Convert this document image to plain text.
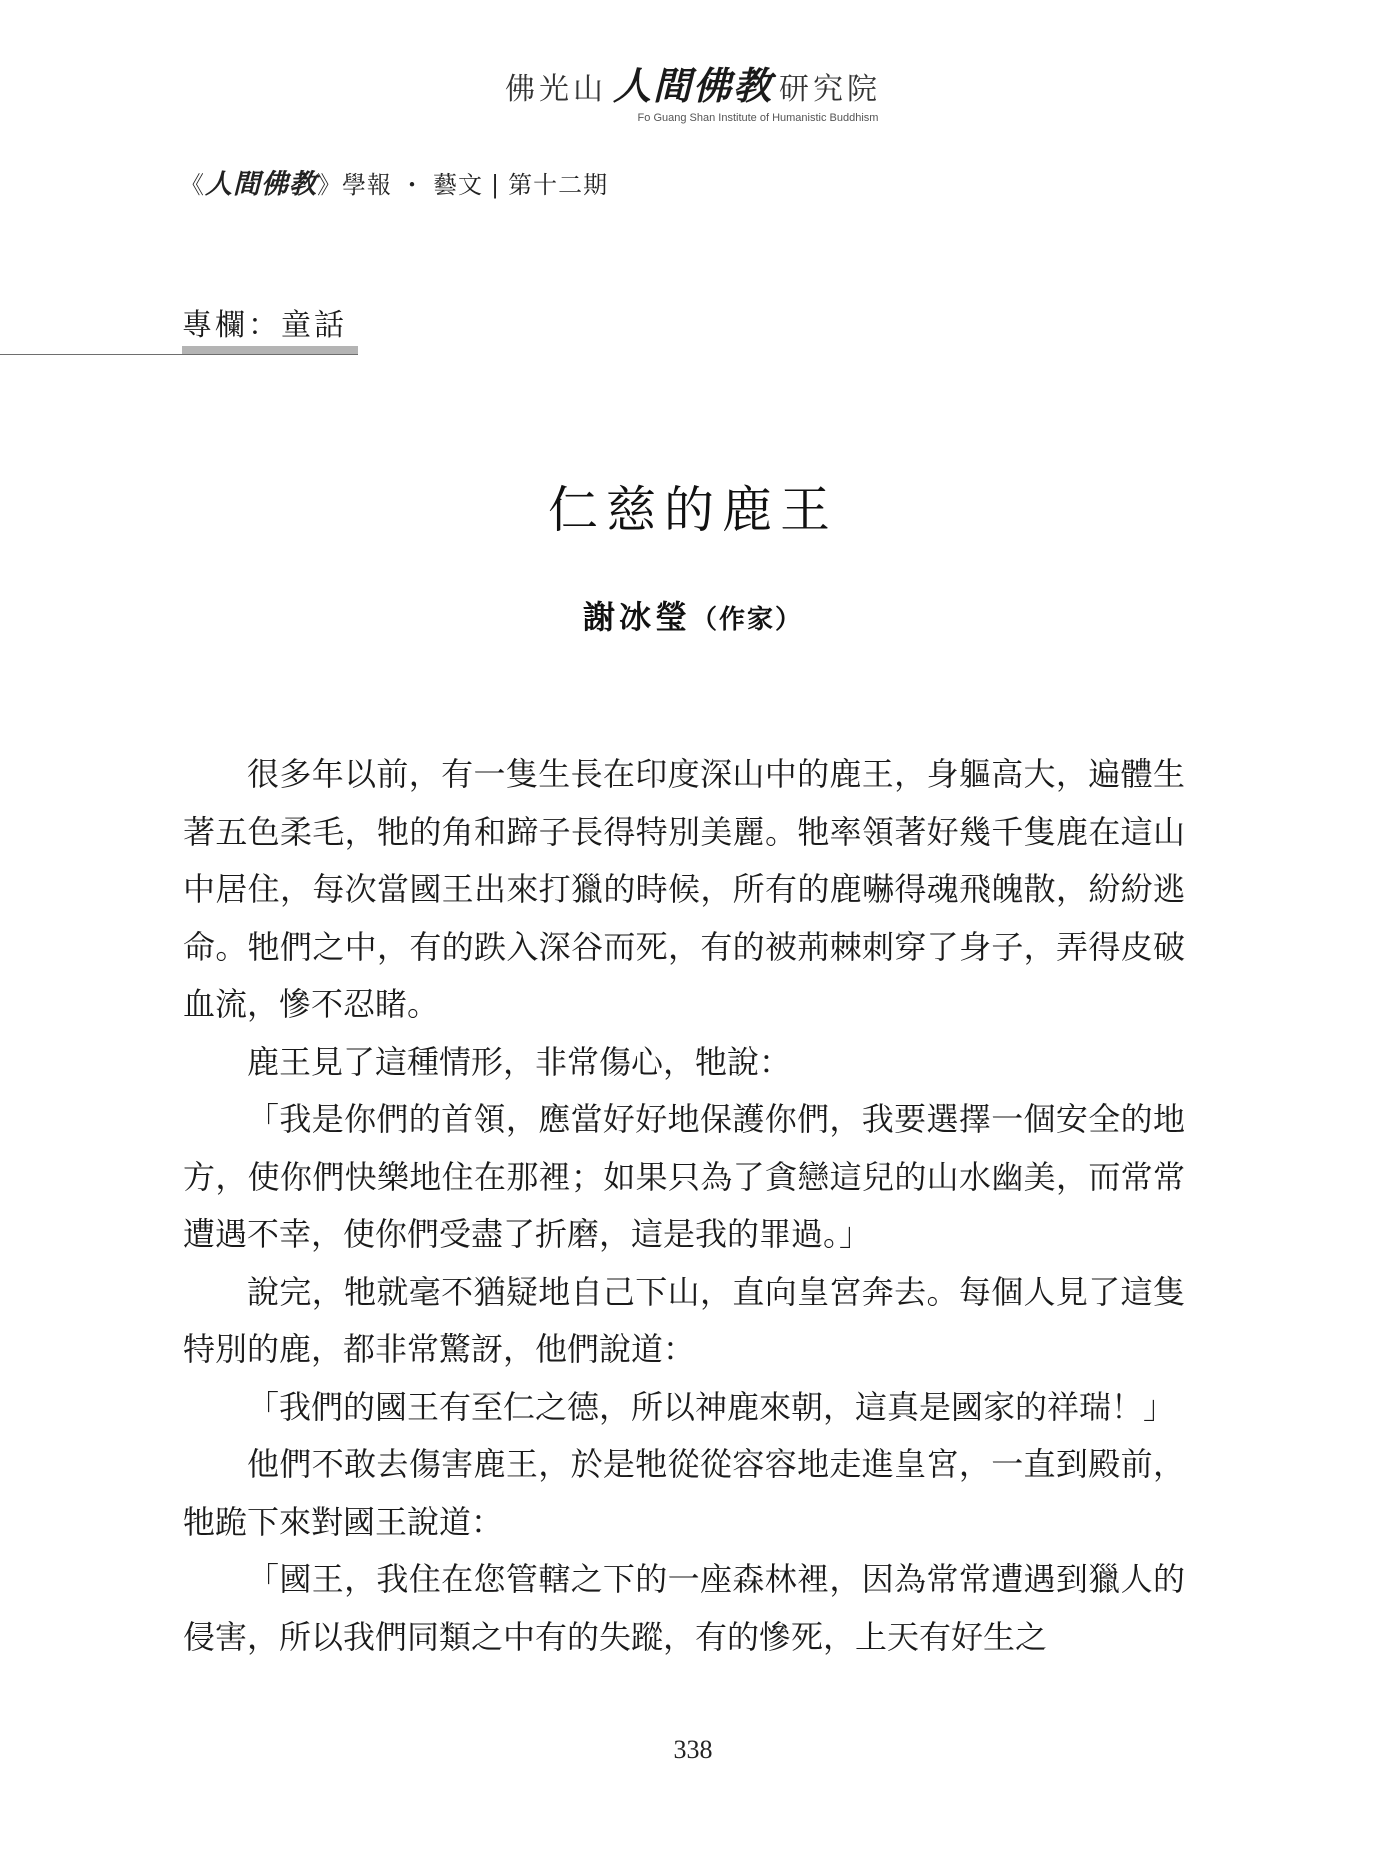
佛光山 人間佛教 研究院
Fo Guang Shan Institute of Humanistic Buddhism
《人間佛教》學報 ・ 藝文 | 第十二期
專欄：童話
仁慈的鹿王
謝冰瑩（作家）

很多年以前，有一隻生長在印度深山中的鹿王，身軀高大，遍體生著五色柔毛，牠的角和蹄子長得特別美麗。牠率領著好幾千隻鹿在這山中居住，每次當國王出來打獵的時候，所有的鹿嚇得魂飛魄散，紛紛逃命。牠們之中，有的跌入深谷而死，有的被荊棘刺穿了身子，弄得皮破血流，慘不忍睹。

鹿王見了這種情形，非常傷心，牠說：

「我是你們的首領，應當好好地保護你們，我要選擇一個安全的地方，使你們快樂地住在那裡；如果只為了貪戀這兒的山水幽美，而常常遭遇不幸，使你們受盡了折磨，這是我的罪過。」

說完，牠就毫不猶疑地自己下山，直向皇宮奔去。每個人見了這隻特別的鹿，都非常驚訝，他們說道：

「我們的國王有至仁之德，所以神鹿來朝，這真是國家的祥瑞！」

他們不敢去傷害鹿王，於是牠從從容容地走進皇宮，一直到殿前，牠跪下來對國王說道：

「國王，我住在您管轄之下的一座森林裡，因為常常遭遇到獵人的侵害，所以我們同類之中有的失蹤，有的慘死，上天有好生之

338
